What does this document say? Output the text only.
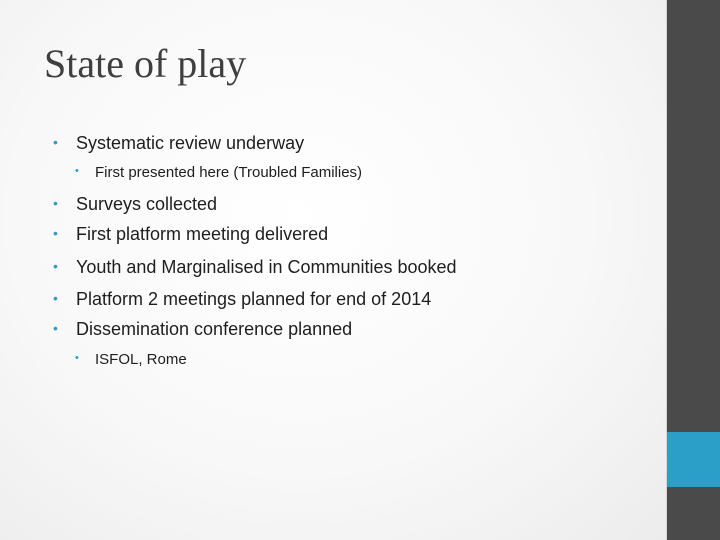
State of play
• Systematic review underway
• First presented here (Troubled Families)
• Surveys collected
• First platform meeting delivered
• Youth and Marginalised in Communities booked
• Platform 2 meetings planned for end of 2014
• Dissemination conference planned
• ISFOL, Rome
